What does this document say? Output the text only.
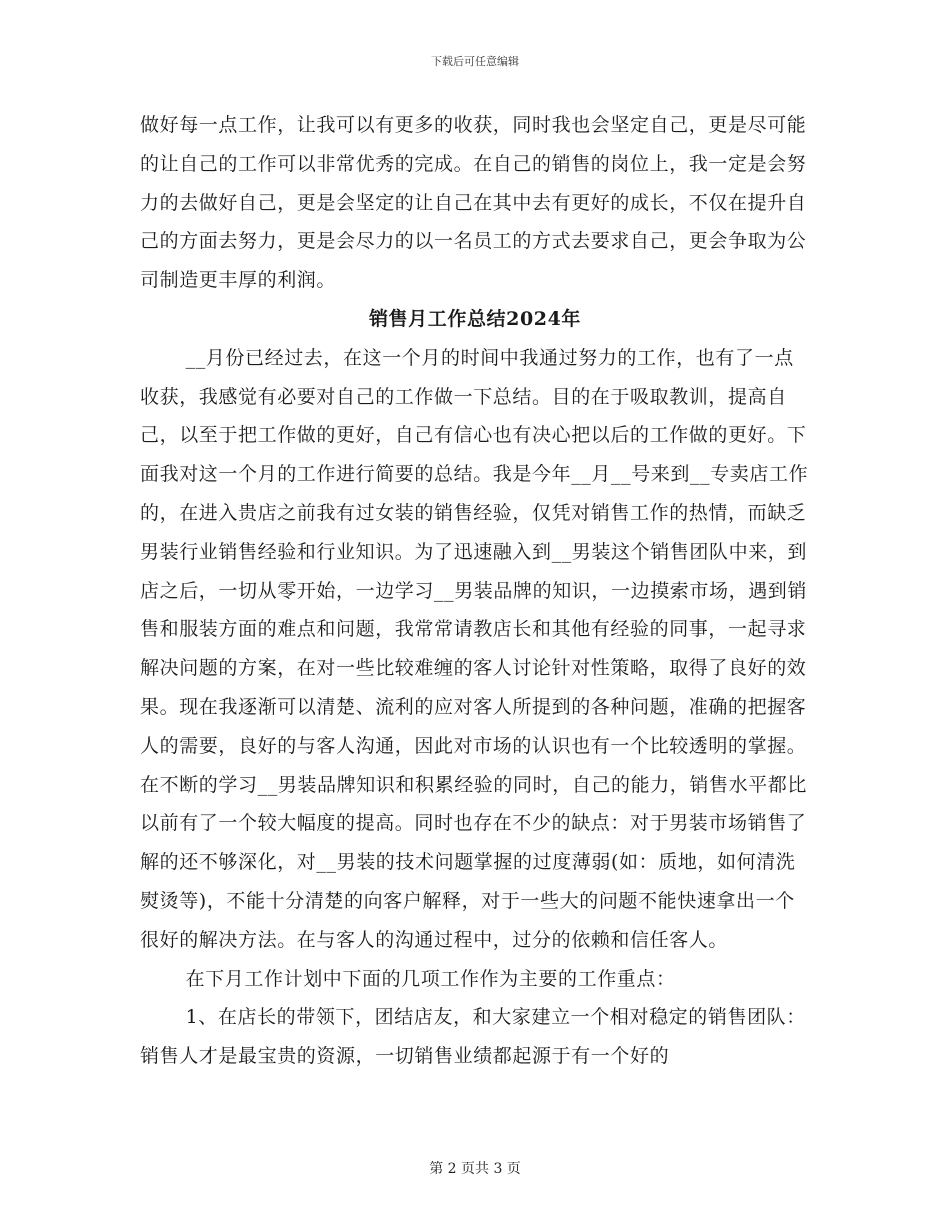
下载后可任意编辑

做好每一点工作，让我可以有更多的收获，同时我也会坚定自己，更是尽可能的让自己的工作可以非常优秀的完成。在自己的销售的岗位上，我一定是会努力的去做好自己，更是会坚定的让自己在其中去有更好的成长，不仅在提升自己的方面去努力，更是会尽力的以一名员工的方式去要求自己，更会争取为公司制造更丰厚的利润。

销售月工作总结2024年

__月份已经过去，在这一个月的时间中我通过努力的工作，也有了一点收获，我感觉有必要对自己的工作做一下总结。目的在于吸取教训，提高自己，以至于把工作做的更好，自己有信心也有决心把以后的工作做的更好。下面我对这一个月的工作进行简要的总结。我是今年__月__号来到__专卖店工作的，在进入贵店之前我有过女装的销售经验，仅凭对销售工作的热情，而缺乏男装行业销售经验和行业知识。为了迅速融入到__男装这个销售团队中来，到店之后，一切从零开始，一边学习__男装品牌的知识，一边摸索市场，遇到销售和服装方面的难点和问题，我常常请教店长和其他有经验的同事，一起寻求解决问题的方案，在对一些比较难缠的客人讨论针对性策略，取得了良好的效果。现在我逐渐可以清楚、流利的应对客人所提到的各种问题，准确的把握客人的需要，良好的与客人沟通，因此对市场的认识也有一个比较透明的掌握。在不断的学习__男装品牌知识和积累经验的同时，自己的能力，销售水平都比以前有了一个较大幅度的提高。同时也存在不少的缺点：对于男装市场销售了解的还不够深化，对__男装的技术问题掌握的过度薄弱(如：质地，如何清洗熨烫等)，不能十分清楚的向客户解释，对于一些大的问题不能快速拿出一个很好的解决方法。在与客人的沟通过程中，过分的依赖和信任客人。

在下月工作计划中下面的几项工作作为主要的工作重点：

1、在店长的带领下，团结店友，和大家建立一个相对稳定的销售团队：销售人才是最宝贵的资源，一切销售业绩都起源于有一个好的

第 2 页共 3 页
